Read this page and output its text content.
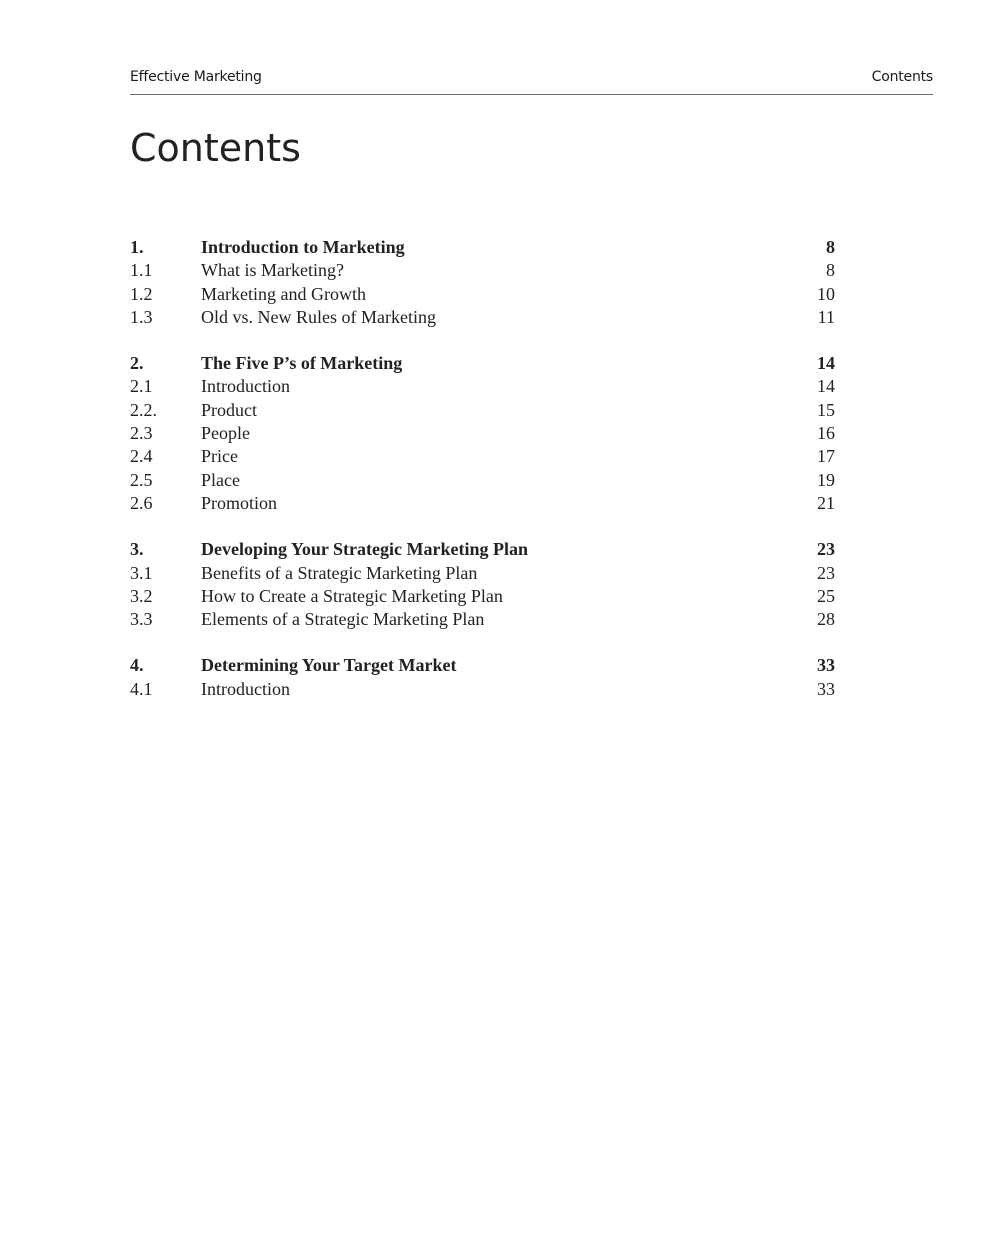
Effective Marketing	Contents
Contents
1.	Introduction to Marketing	8
1.1	What is Marketing?	8
1.2	Marketing and Growth	10
1.3	Old vs. New Rules of Marketing	11
2.	The Five P’s of Marketing	14
2.1	Introduction	14
2.2. Product	15
2.3	People	16
2.4	Price	17
2.5	Place	19
2.6	Promotion	21
3.	Developing Your Strategic Marketing Plan	23
3.1	Benefits of a Strategic Marketing Plan	23
3.2	How to Create a Strategic Marketing Plan	25
3.3	Elements of a Strategic Marketing Plan	28
4.	Determining Your Target Market	33
4.1	Introduction	33
